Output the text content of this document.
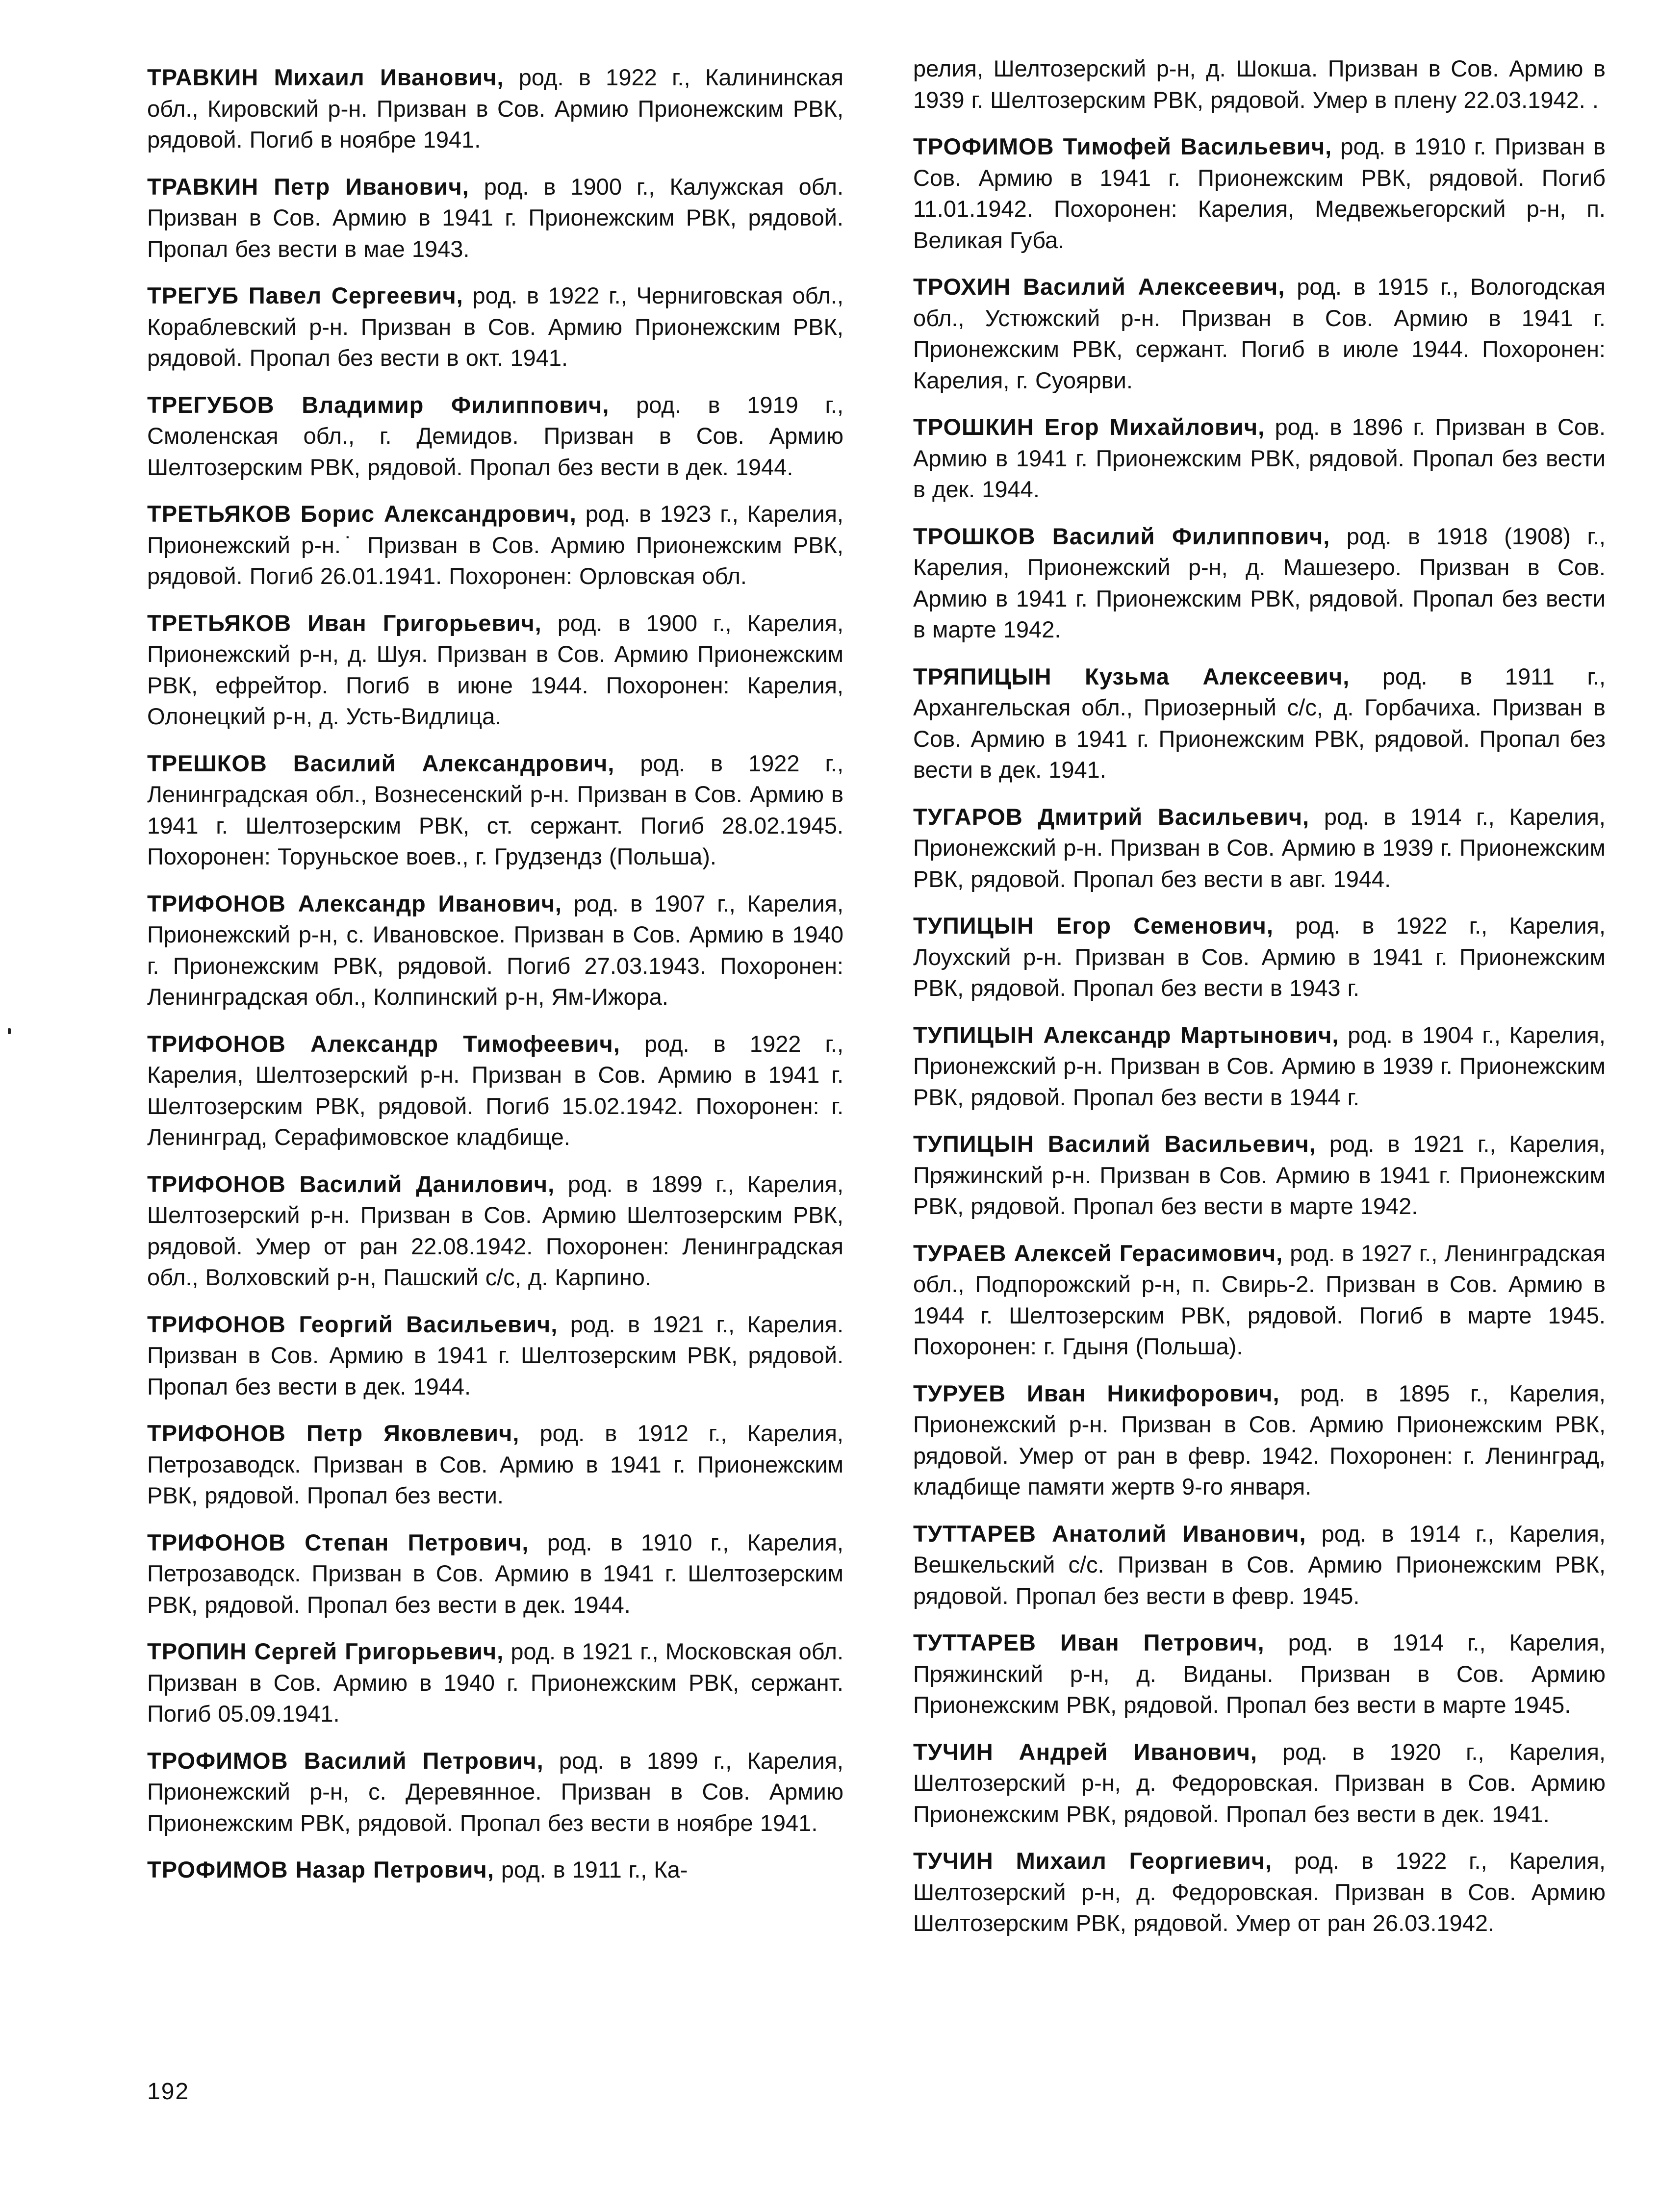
ТРАВКИН Михаил Иванович, род. в 1922 г., Калининская обл., Кировский р-н. Призван в Сов. Армию Прионежским РВК, рядовой. Погиб в ноябре 1941.

ТРАВКИН Петр Иванович, род. в 1900 г., Калужская обл. Призван в Сов. Армию в 1941 г. Прионежским РВК, рядовой. Пропал без вести в мае 1943.

ТРЕГУБ Павел Сергеевич, род. в 1922 г., Черниговская обл., Кораблевский р-н. Призван в Сов. Армию Прионежским РВК, рядовой. Пропал без вести в окт. 1941.

ТРЕГУБОВ Владимир Филиппович, род. в 1919 г., Смоленская обл., г. Демидов. Призван в Сов. Армию Шелтозерским РВК, рядовой. Пропал без вести в дек. 1944.

ТРЕТЬЯКОВ Борис Александрович, род. в 1923 г., Карелия, Прионежский р-н.˙ Призван в Сов. Армию Прионежским РВК, рядовой. Погиб 26.01.1941. Похоронен: Орловская обл.

ТРЕТЬЯКОВ Иван Григорьевич, род. в 1900 г., Карелия, Прионежский р-н, д. Шуя. Призван в Сов. Армию Прионежским РВК, ефрейтор. Погиб в июне 1944. Похоронен: Карелия, Олонецкий р-н, д. Усть-Видлица.

ТРЕШКОВ Василий Александрович, род. в 1922 г., Ленинградская обл., Вознесенский р-н. Призван в Сов. Армию в 1941 г. Шелтозерским РВК, ст. сержант. Погиб 28.02.1945. Похоронен: Торуньское воев., г. Грудзендз (Польша).

ТРИФОНОВ Александр Иванович, род. в 1907 г., Карелия, Прионежский р-н, с. Ивановское. Призван в Сов. Армию в 1940 г. Прионежским РВК, рядовой. Погиб 27.03.1943. Похоронен: Ленинградская обл., Колпинский р-н, Ям-Ижора.

ТРИФОНОВ Александр Тимофеевич, род. в 1922 г., Карелия, Шелтозерский р-н. Призван в Сов. Армию в 1941 г. Шелтозерским РВК, рядовой. Погиб 15.02.1942. Похоронен: г. Ленинград, Серафимовское кладбище.

ТРИФОНОВ Василий Данилович, род. в 1899 г., Карелия, Шелтозерский р-н. Призван в Сов. Армию Шелтозерским РВК, рядовой. Умер от ран 22.08.1942. Похоронен: Ленинградская обл., Волховский р-н, Пашский с/с, д. Карпино.

ТРИФОНОВ Георгий Васильевич, род. в 1921 г., Карелия. Призван в Сов. Армию в 1941 г. Шелтозерским РВК, рядовой. Пропал без вести в дек. 1944.

ТРИФОНОВ Петр Яковлевич, род. в 1912 г., Карелия, Петрозаводск. Призван в Сов. Армию в 1941 г. Прионежским РВК, рядовой. Пропал без вести.

ТРИФОНОВ Степан Петрович, род. в 1910 г., Карелия, Петрозаводск. Призван в Сов. Армию в 1941 г. Шелтозерским РВК, рядовой. Пропал без вести в дек. 1944.

ТРОПИН Сергей Григорьевич, род. в 1921 г., Московская обл. Призван в Сов. Армию в 1940 г. Прионежским РВК, сержант. Погиб 05.09.1941.

ТРОФИМОВ Василий Петрович, род. в 1899 г., Карелия, Прионежский р-н, с. Деревянное. Призван в Сов. Армию Прионежским РВК, рядовой. Пропал без вести в ноябре 1941.

ТРОФИМОВ Назар Петрович, род. в 1911 г., Ка-

релия, Шелтозерский р-н, д. Шокша. Призван в Сов. Армию в 1939 г. Шелтозерским РВК, рядовой. Умер в плену 22.03.1942. .

ТРОФИМОВ Тимофей Васильевич, род. в 1910 г. Призван в Сов. Армию в 1941 г. Прионежским РВК, рядовой. Погиб 11.01.1942. Похоронен: Карелия, Медвежьегорский р-н, п. Великая Губа.

ТРОХИН Василий Алексеевич, род. в 1915 г., Вологодская обл., Устюжский р-н. Призван в Сов. Армию в 1941 г. Прионежским РВК, сержант. Погиб в июле 1944. Похоронен: Карелия, г. Суоярви.

ТРОШКИН Егор Михайлович, род. в 1896 г. Призван в Сов. Армию в 1941 г. Прионежским РВК, рядовой. Пропал без вести в дек. 1944.

ТРОШКОВ Василий Филиппович, род. в 1918 (1908) г., Карелия, Прионежский р-н, д. Машезеро. Призван в Сов. Армию в 1941 г. Прионежским РВК, рядовой. Пропал без вести в марте 1942.

ТРЯПИЦЫН Кузьма Алексеевич, род. в 1911 г., Архангельская обл., Приозерный с/с, д. Горбачиха. Призван в Сов. Армию в 1941 г. Прионежским РВК, рядовой. Пропал без вести в дек. 1941.

ТУГАРОВ Дмитрий Васильевич, род. в 1914 г., Карелия, Прионежский р-н. Призван в Сов. Армию в 1939 г. Прионежским РВК, рядовой. Пропал без вести в авг. 1944.

ТУПИЦЫН Егор Семенович, род. в 1922 г., Карелия, Лоухский р-н. Призван в Сов. Армию в 1941 г. Прионежским РВК, рядовой. Пропал без вести в 1943 г.

ТУПИЦЫН Александр Мартынович, род. в 1904 г., Карелия, Прионежский р-н. Призван в Сов. Армию в 1939 г. Прионежским РВК, рядовой. Пропал без вести в 1944 г.

ТУПИЦЫН Василий Васильевич, род. в 1921 г., Карелия, Пряжинский р-н. Призван в Сов. Армию в 1941 г. Прионежским РВК, рядовой. Пропал без вести в марте 1942.

ТУРАЕВ Алексей Герасимович, род. в 1927 г., Ленинградская обл., Подпорожский р-н, п. Свирь-2. Призван в Сов. Армию в 1944 г. Шелтозерским РВК, рядовой. Погиб в марте 1945. Похоронен: г. Гдыня (Польша).

ТУРУЕВ Иван Никифорович, род. в 1895 г., Карелия, Прионежский р-н. Призван в Сов. Армию Прионежским РВК, рядовой. Умер от ран в февр. 1942. Похоронен: г. Ленинград, кладбище памяти жертв 9-го января.

ТУТТАРЕВ Анатолий Иванович, род. в 1914 г., Карелия, Вешкельский с/с. Призван в Сов. Армию Прионежским РВК, рядовой. Пропал без вести в февр. 1945.

ТУТТАРЕВ Иван Петрович, род. в 1914 г., Карелия, Пряжинский р-н, д. Виданы. Призван в Сов. Армию Прионежским РВК, рядовой. Пропал без вести в марте 1945.

ТУЧИН Андрей Иванович, род. в 1920 г., Карелия, Шелтозерский р-н, д. Федоровская. Призван в Сов. Армию Прионежским РВК, рядовой. Пропал без вести в дек. 1941.

ТУЧИН Михаил Георгиевич, род. в 1922 г., Карелия, Шелтозерский р-н, д. Федоровская. Призван в Сов. Армию Шелтозерским РВК, рядовой. Умер от ран 26.03.1942.

192
